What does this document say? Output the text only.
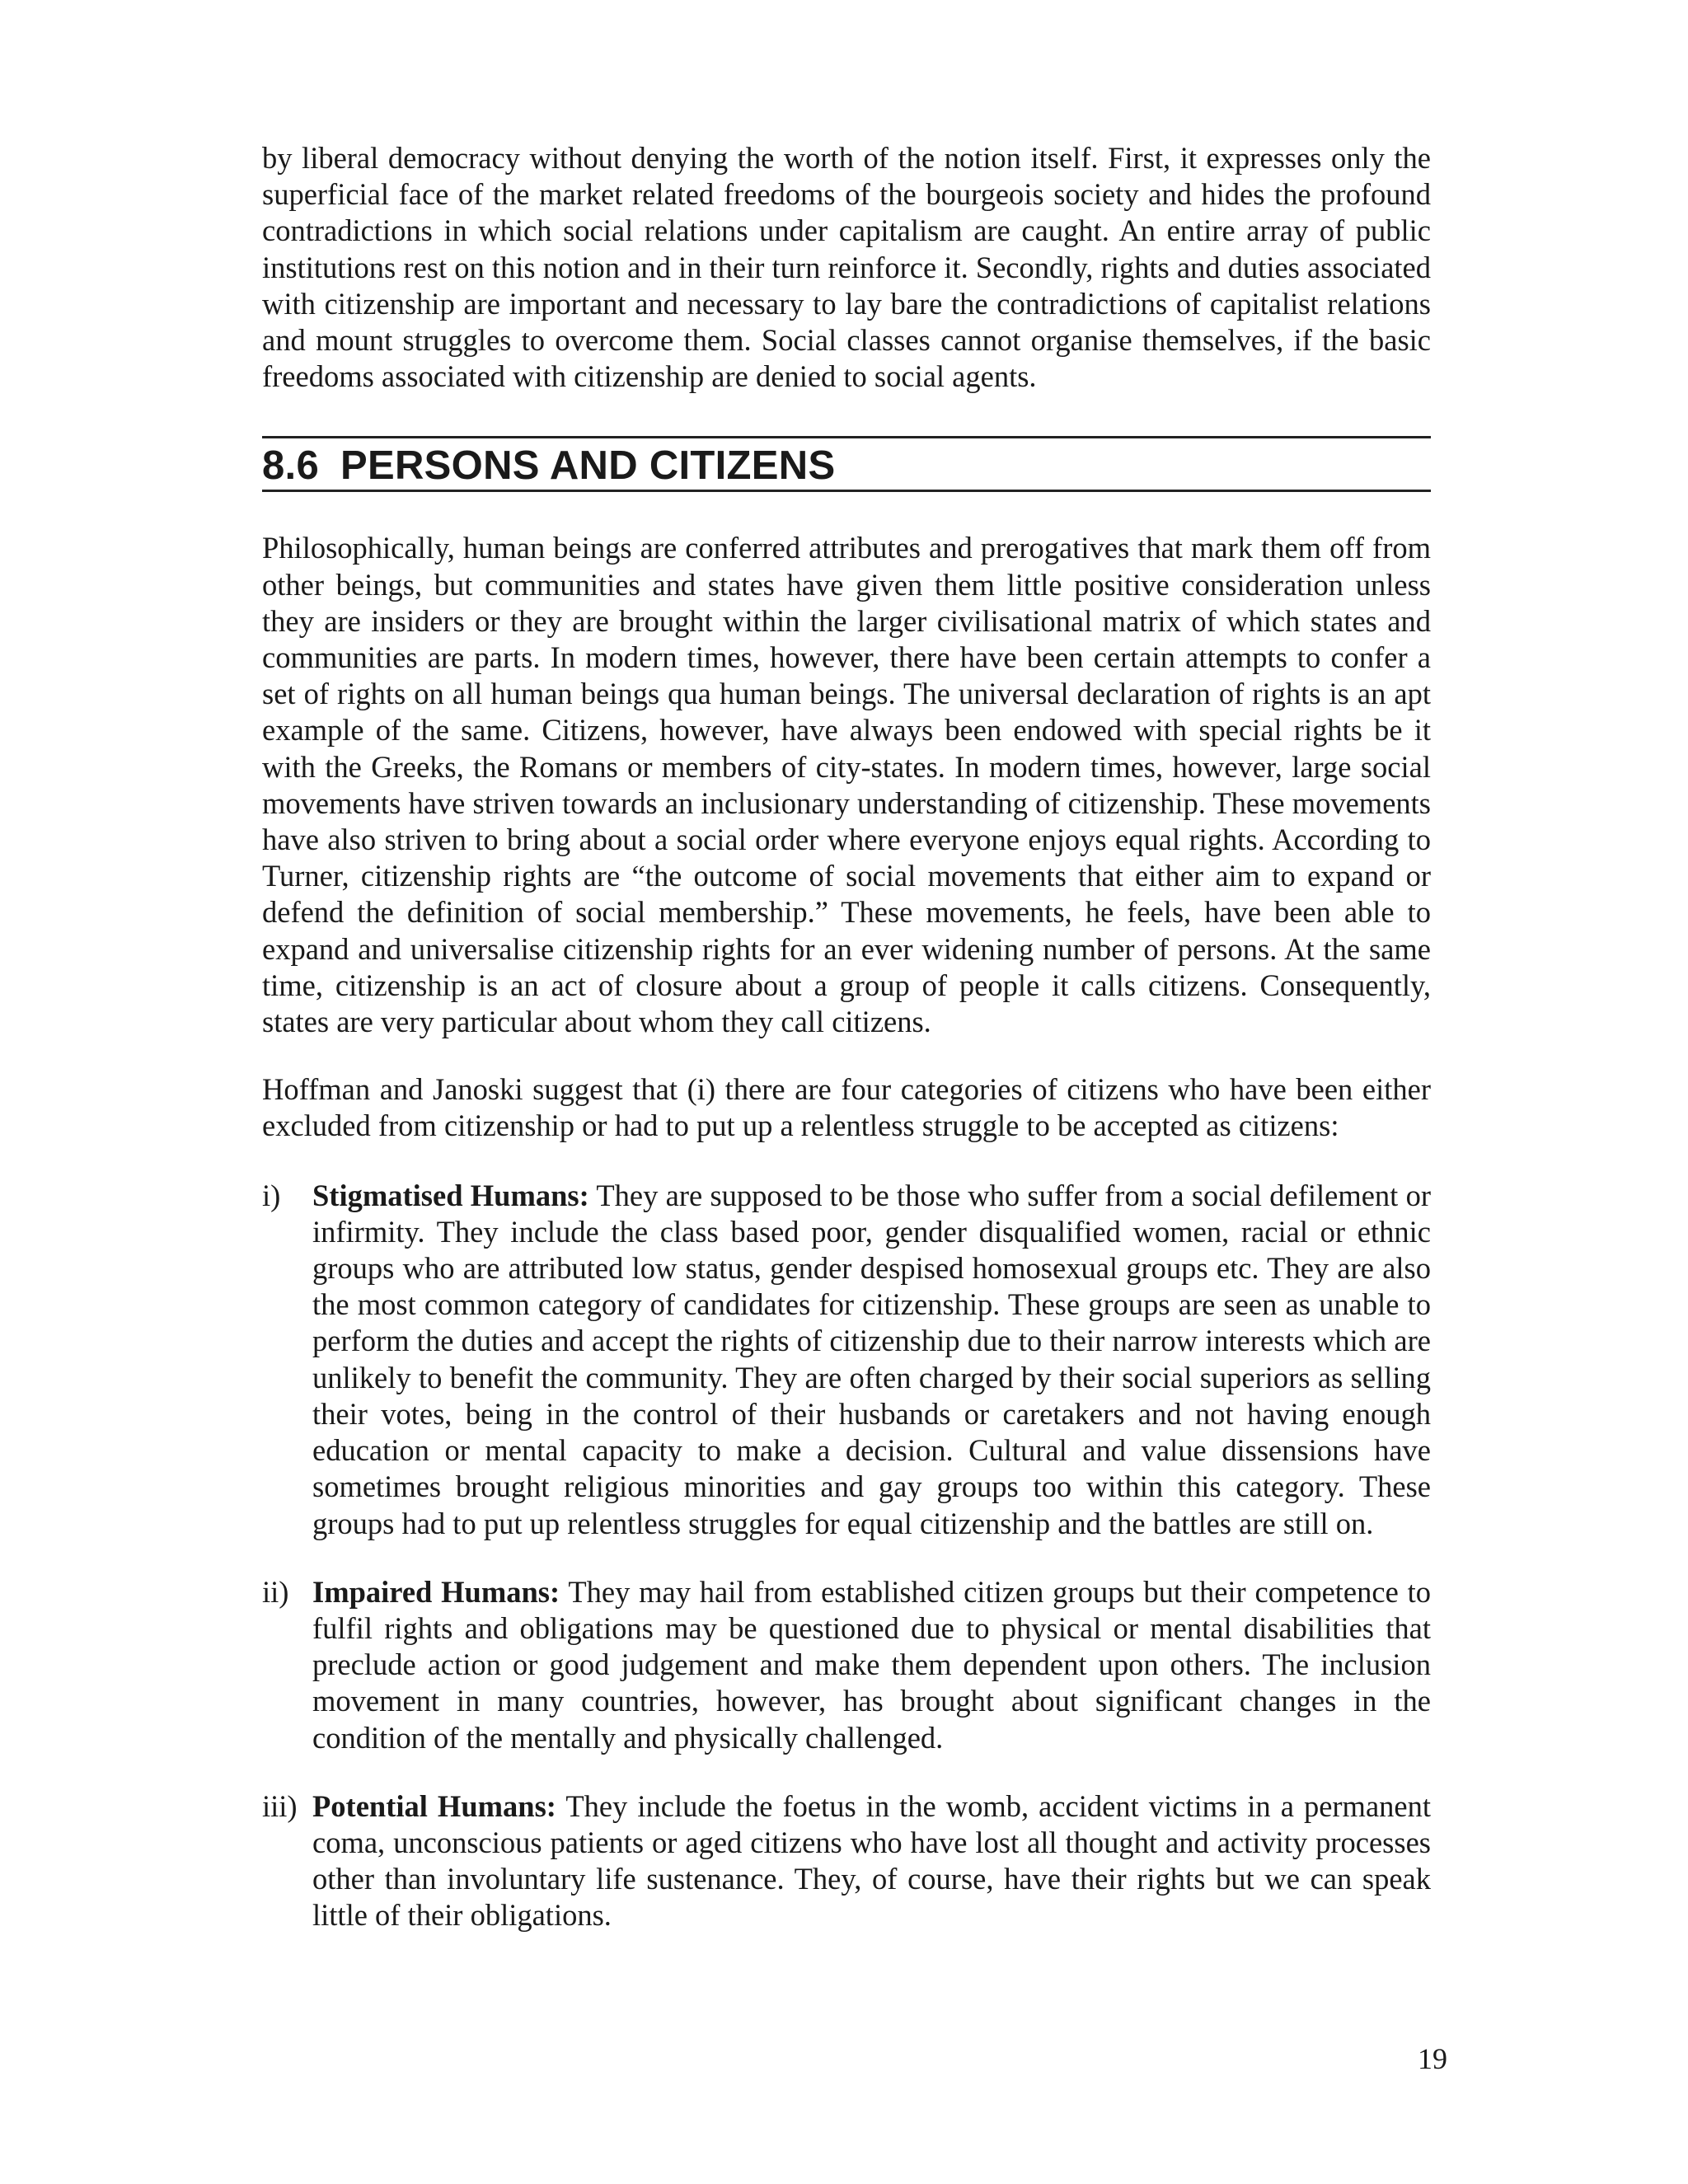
by liberal democracy without denying the worth of the notion itself. First, it expresses only the superficial face of the market related freedoms of the bourgeois society and hides the profound contradictions in which social relations under capitalism are caught. An entire array of public institutions rest on this notion and in their turn reinforce it. Secondly, rights and duties associated with citizenship are important and necessary to lay bare the contradictions of capitalist relations and mount struggles to overcome them. Social classes cannot organise themselves, if the basic freedoms associated with citizenship are denied to social agents.

8.6 PERSONS AND CITIZENS

Philosophically, human beings are conferred attributes and prerogatives that mark them off from other beings, but communities and states have given them little positive consideration unless they are insiders or they are brought within the larger civilisational matrix of which states and communities are parts. In modern times, however, there have been certain attempts to confer a set of rights on all human beings qua human beings. The universal declaration of rights is an apt example of the same. Citizens, however, have always been endowed with special rights be it with the Greeks, the Romans or members of city-states. In modern times, however, large social movements have striven towards an inclusionary understanding of citizenship. These movements have also striven to bring about a social order where everyone enjoys equal rights. According to Turner, citizenship rights are “the outcome of social movements that either aim to expand or defend the definition of social membership.” These movements, he feels, have been able to expand and universalise citizenship rights for an ever widening number of persons. At the same time, citizenship is an act of closure about a group of people it calls citizens. Consequently, states are very particular about whom they call citizens.

Hoffman and Janoski suggest that (i) there are four categories of citizens who have been either excluded from citizenship or had to put up a relentless struggle to be accepted as citizens:

i) Stigmatised Humans: They are supposed to be those who suffer from a social defilement or infirmity. They include the class based poor, gender disqualified women, racial or ethnic groups who are attributed low status, gender despised homosexual groups etc. They are also the most common category of candidates for citizenship. These groups are seen as unable to perform the duties and accept the rights of citizenship due to their narrow interests which are unlikely to benefit the community. They are often charged by their social superiors as selling their votes, being in the control of their husbands or caretakers and not having enough education or mental capacity to make a decision. Cultural and value dissensions have sometimes brought religious minorities and gay groups too within this category. These groups had to put up relentless struggles for equal citizenship and the battles are still on.

ii) Impaired Humans: They may hail from established citizen groups but their competence to fulfil rights and obligations may be questioned due to physical or mental disabilities that preclude action or good judgement and make them dependent upon others. The inclusion movement in many countries, however, has brought about significant changes in the condition of the mentally and physically challenged.

iii) Potential Humans: They include the foetus in the womb, accident victims in a permanent coma, unconscious patients or aged citizens who have lost all thought and activity processes other than involuntary life sustenance. They, of course, have their rights but we can speak little of their obligations.

19
